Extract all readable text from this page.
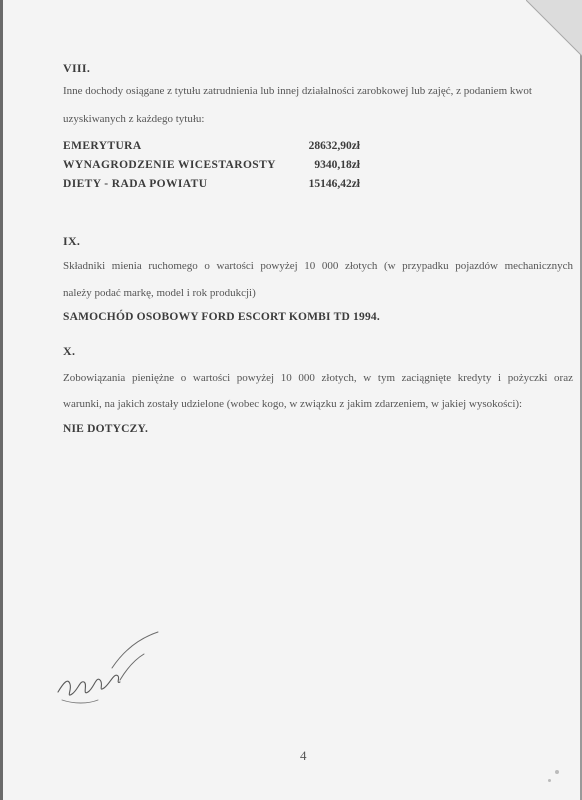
VIII.
Inne dochody osiągane z tytułu zatrudnienia lub innej działalności zarobkowej lub zajęć, z podaniem kwot
uzyskiwanych z każdego tytułu:
EMERYTURA	28632,90zł
WYNAGRODZENIE WICESTAROSTY	9340,18zł
DIETY - RADA POWIATU	15146,42zł
IX.
Składniki mienia ruchomego o wartości powyżej 10 000 złotych (w przypadku pojazdów mechanicznych
należy podać markę, model i rok produkcji)
SAMOCHÓD OSOBOWY FORD ESCORT KOMBI TD 1994.
X.
Zobowiązania pieniężne o wartości powyżej 10 000 złotych, w tym zaciągnięte kredyty i pożyczki oraz
warunki, na jakich zostały udzielone (wobec kogo, w związku z jakim zdarzeniem, w jakiej wysokości):
NIE DOTYCZY.
4
